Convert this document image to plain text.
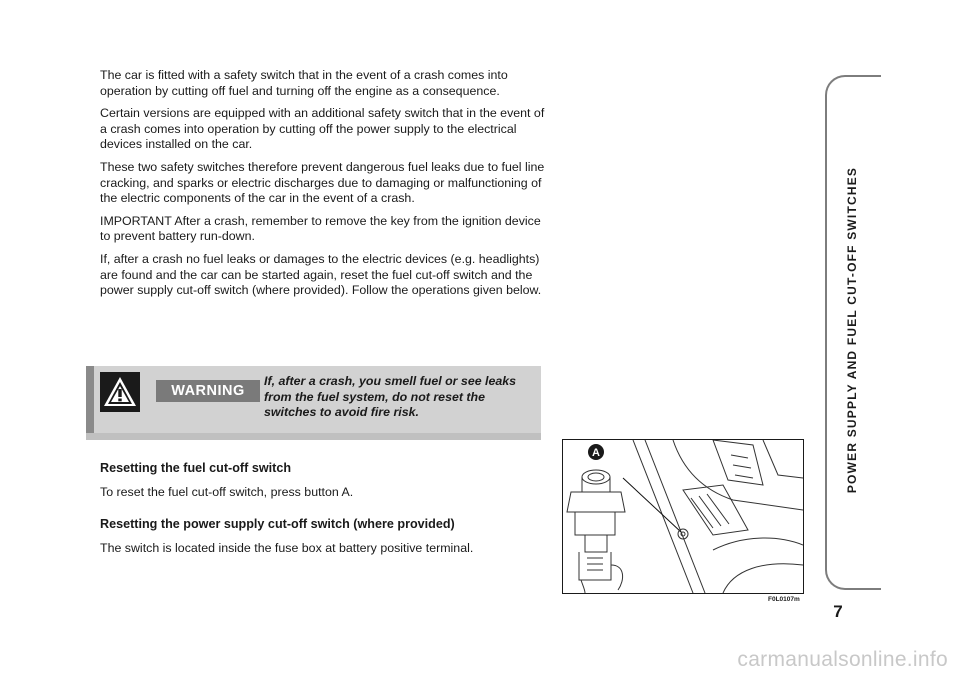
The car is fitted with a safety switch that in the event of a crash comes into operation by cutting off fuel and turning off the engine as a consequence.

Certain versions are equipped with an additional safety switch that in the event of a crash comes into operation by cutting off the power supply to the electrical devices installed on the car.

These two safety switches therefore prevent dangerous fuel leaks due to fuel line cracking, and sparks or electric discharges due to damaging or malfunctioning of the electric components of the car in the event of a crash.

IMPORTANT After a crash, remember to remove the key from the ignition device to prevent battery run-down.

If, after a crash no fuel leaks or damages to the electric devices (e.g. headlights) are found and the car can be started again, reset the fuel cut-off switch and the power supply cut-off switch (where provided). Follow the operations given below.

WARNING
If, after a crash, you smell fuel or see leaks from the fuel system, do not reset the switches to avoid fire risk.
Resetting the fuel cut-off switch

To reset the fuel cut-off switch, press button A.

Resetting the power supply cut-off switch (where provided)

The switch is located inside the fuse box at battery positive terminal.

A
F0L0107m
POWER SUPPLY AND FUEL CUT-OFF SWITCHES
7
carmanualsonline.info
